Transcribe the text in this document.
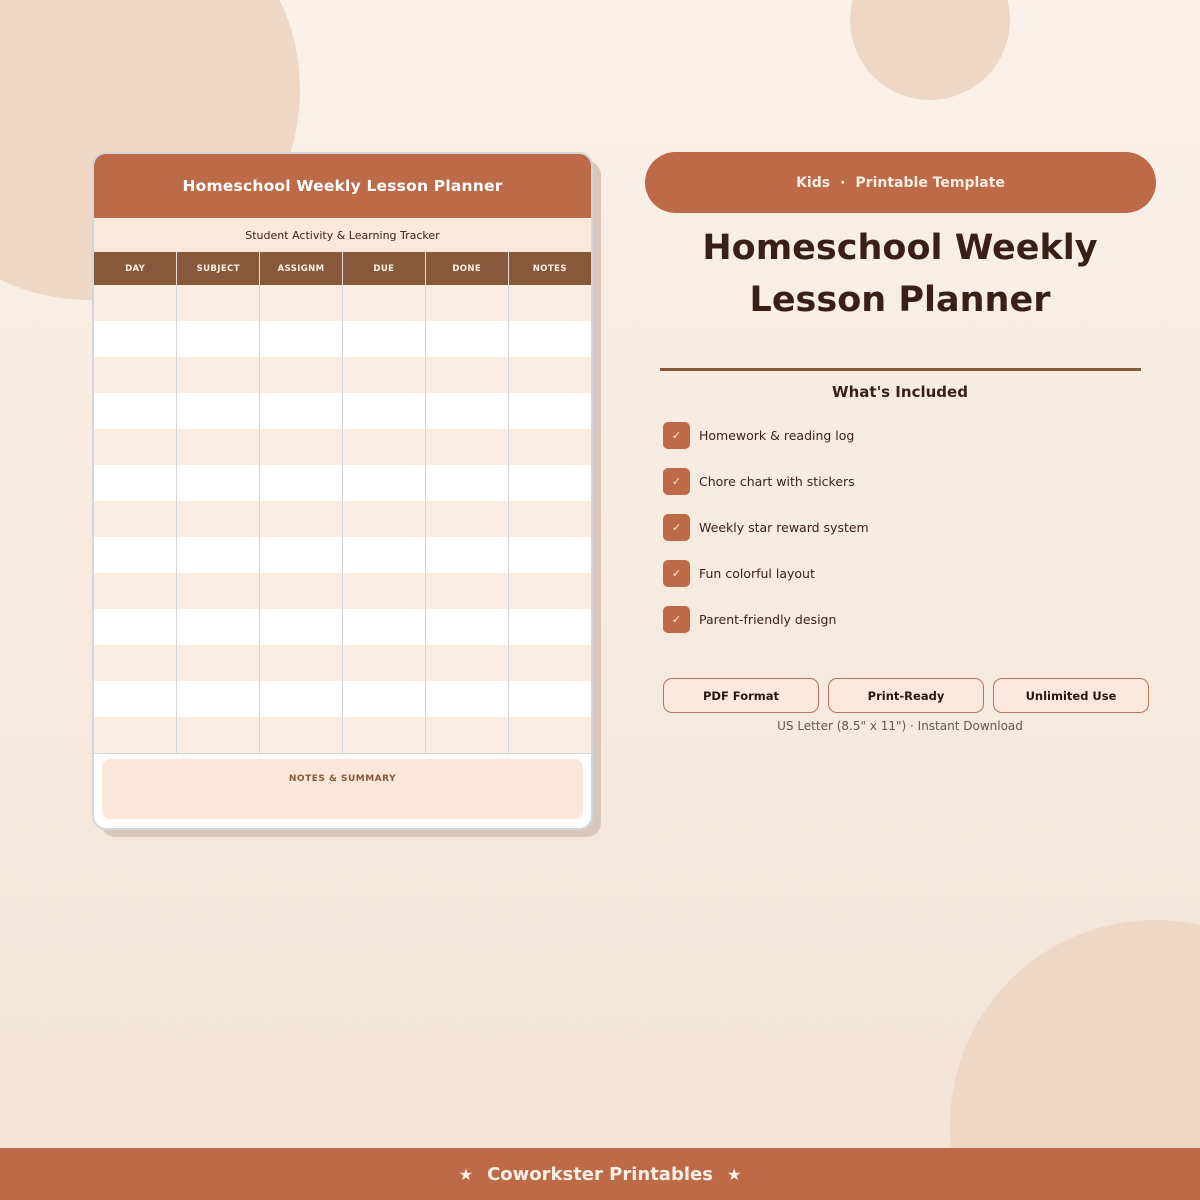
Homeschool Weekly Lesson Planner
Student Activity & Learning Tracker
DAY	SUBJECT	ASSIGNM	DUE	DONE	NOTES

NOTES & SUMMARY
Kids · Printable Template
Homeschool Weekly
Lesson Planner
What's Included
✓	Homework & reading log
✓	Chore chart with stickers
✓	Weekly star reward system
✓	Fun colorful layout
✓	Parent-friendly design
PDF Format	Print-Ready	Unlimited Use
US Letter (8.5" x 11") · Instant Download
★ Coworkster Printables ★
